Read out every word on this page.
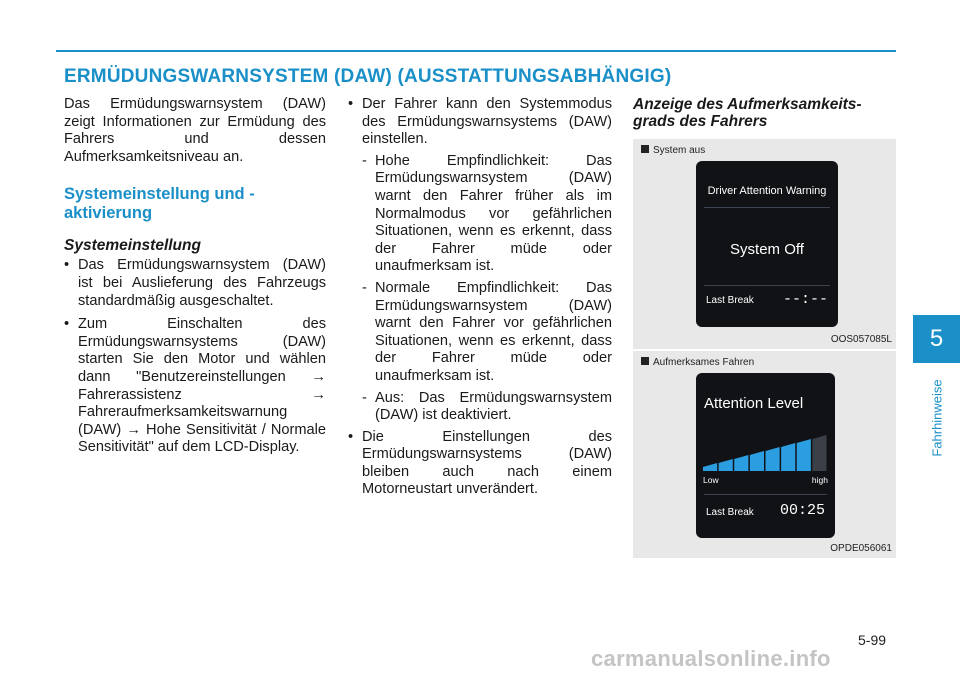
ERMÜDUNGSWARNSYSTEM (DAW) (AUSSTATTUNGSABHÄNGIG)

Das Ermüdungswarnsystem (DAW) zeigt Informationen zur Ermüdung des Fahrers und dessen Aufmerksamkeitsniveau an.

Systemeinstellung und - aktivierung

Systemeinstellung

• Das Ermüdungswarnsystem (DAW) ist bei Auslieferung des Fahrzeugs standardmäßig ausgeschaltet.
• Zum Einschalten des Ermüdungswarnsystems (DAW) starten Sie den Motor und wählen dann "Benutzereinstellungen → Fahrerassistenz → Fahreraufmerksamkeitswarnung (DAW) → Hohe Sensitivität / Normale Sensitivität" auf dem LCD-Display.
• Der Fahrer kann den Systemmodus des Ermüdungswarnsystems (DAW) einstellen.
- Hohe Empfindlichkeit: Das Ermüdungswarnsystem (DAW) warnt den Fahrer früher als im Normalmodus vor gefährlichen Situationen, wenn es erkennt, dass der Fahrer müde oder unaufmerksam ist.
- Normale Empfindlichkeit: Das Ermüdungswarnsystem (DAW) warnt den Fahrer vor gefährlichen Situationen, wenn es erkennt, dass der Fahrer müde oder unaufmerksam ist.
- Aus: Das Ermüdungswarnsystem (DAW) ist deaktiviert.
• Die Einstellungen des Ermüdungswarnsystems (DAW) bleiben auch nach einem Motorneustart unverändert.

Anzeige des Aufmerksamkeits-grads des Fahrers

System aus
Driver Attention Warning
System Off
Last Break --:--
OOS057085L
Aufmerksames Fahren
Attention Level
Low	high
Last Break 00:25
OPDE056061
5
Fahrhinweise
5-99
carmanualsonline.info
